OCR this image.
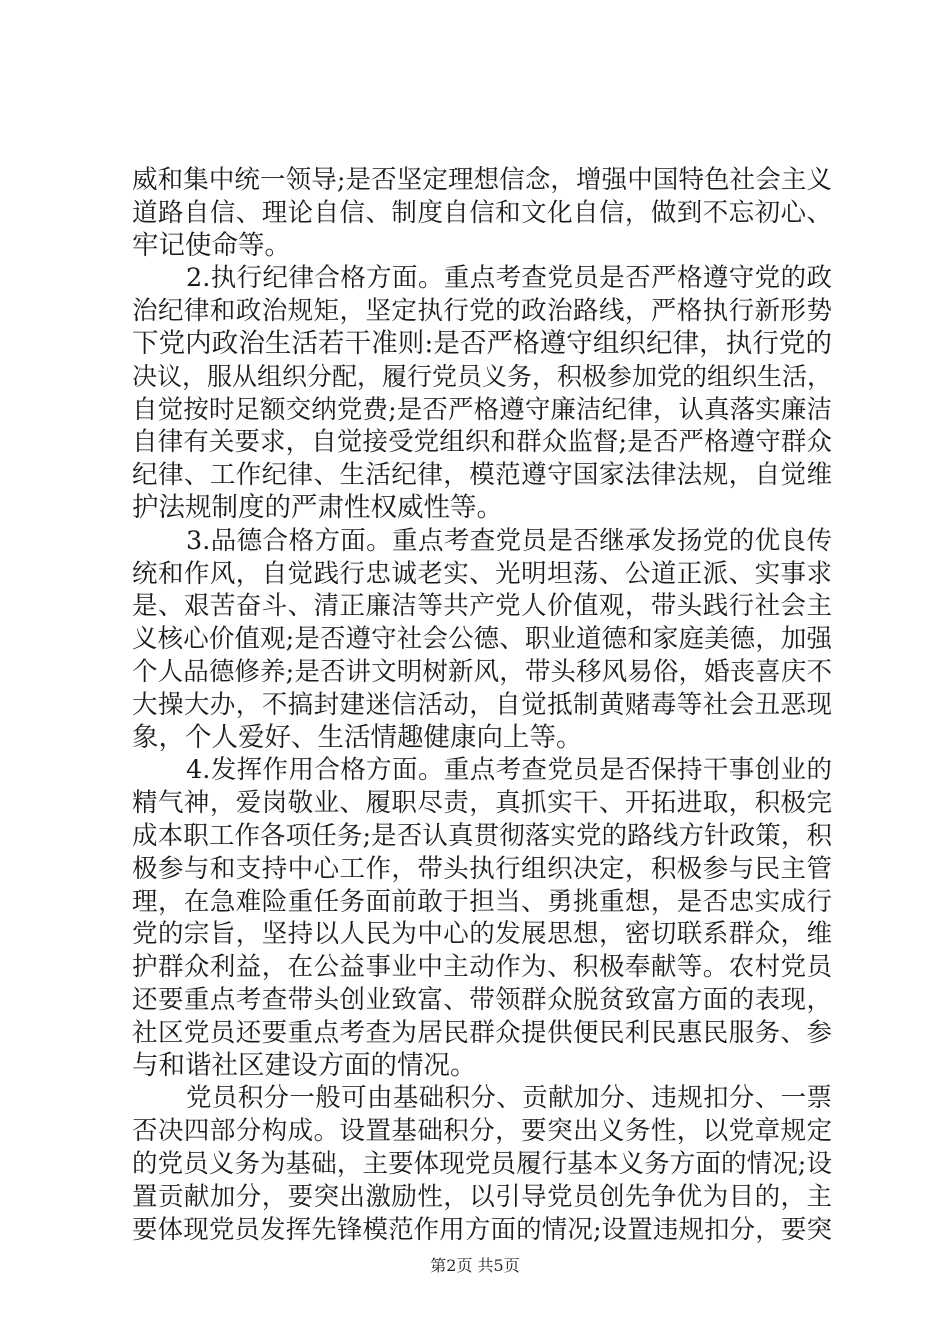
威和集中统一领导;是否坚定理想信念，增强中国特色社会主义
道路自信、理论自信、制度自信和文化自信，做到不忘初心、
牢记使命等。
2.执行纪律合格方面。重点考查党员是否严格遵守党的政
治纪律和政治规矩，坚定执行党的政治路线，严格执行新形势
下党内政治生活若干准则:是否严格遵守组织纪律，执行党的
决议，服从组织分配，履行党员义务，积极参加党的组织生活，
自觉按时足额交纳党费;是否严格遵守廉洁纪律，认真落实廉洁
自律有关要求，自觉接受党组织和群众监督;是否严格遵守群众
纪律、工作纪律、生活纪律，模范遵守国家法律法规，自觉维
护法规制度的严肃性权威性等。
3.品德合格方面。重点考查党员是否继承发扬党的优良传
统和作风，自觉践行忠诚老实、光明坦荡、公道正派、实事求
是、艰苦奋斗、清正廉洁等共产党人价值观，带头践行社会主
义核心价值观;是否遵守社会公德、职业道德和家庭美德，加强
个人品德修养;是否讲文明树新风，带头移风易俗，婚丧喜庆不
大操大办，不搞封建迷信活动，自觉抵制黄赌毒等社会丑恶现
象，个人爱好、生活情趣健康向上等。
4.发挥作用合格方面。重点考查党员是否保持干事创业的
精气神，爱岗敬业、履职尽责，真抓实干、开拓进取，积极完
成本职工作各项任务;是否认真贯彻落实党的路线方针政策，积
极参与和支持中心工作，带头执行组织决定，积极参与民主管
理，在急难险重任务面前敢于担当、勇挑重想，是否忠实成行
党的宗旨，坚持以人民为中心的发展思想，密切联系群众，维
护群众利益，在公益事业中主动作为、积极奉献等。农村党员
还要重点考查带头创业致富、带领群众脱贫致富方面的表现，
社区党员还要重点考查为居民群众提供便民利民惠民服务、参
与和谐社区建设方面的情况。
党员积分一般可由基础积分、贡献加分、违规扣分、一票
否决四部分构成。设置基础积分，要突出义务性，以党章规定
的党员义务为基础，主要体现党员履行基本义务方面的情况;设
置贡献加分，要突出激励性，以引导党员创先争优为目的，主
要体现党员发挥先锋模范作用方面的情况;设置违规扣分，要突
第2页 共5页
